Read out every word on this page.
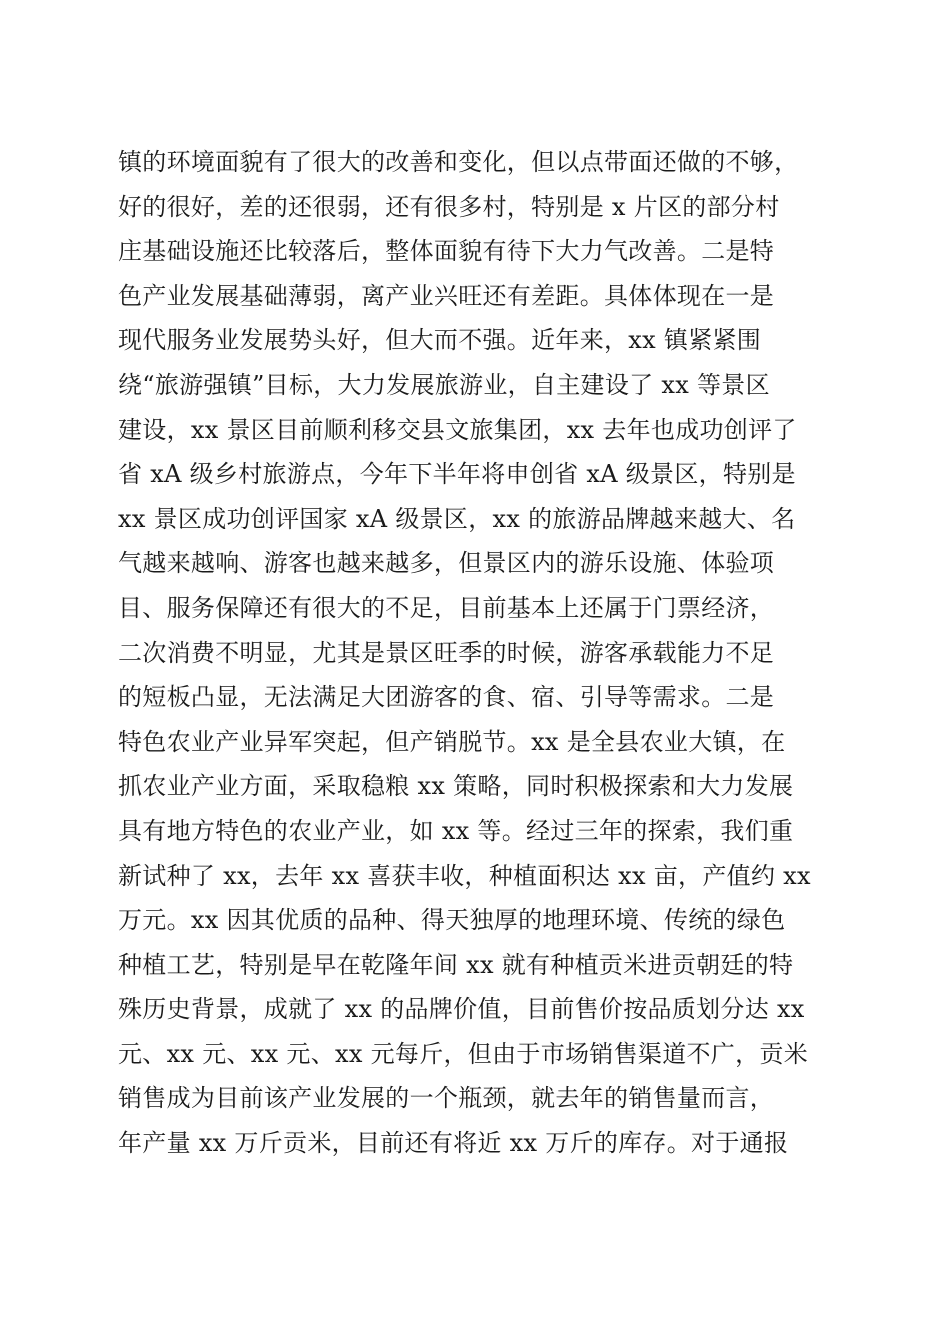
镇的环境面貌有了很大的改善和变化，但以点带面还做的不够，
好的很好，差的还很弱，还有很多村，特别是 x 片区的部分村
庄基础设施还比较落后，整体面貌有待下大力气改善。二是特
色产业发展基础薄弱，离产业兴旺还有差距。具体体现在一是
现代服务业发展势头好，但大而不强。近年来，xx 镇紧紧围
绕“旅游强镇”目标，大力发展旅游业，自主建设了 xx 等景区
建设，xx 景区目前顺利移交县文旅集团，xx 去年也成功创评了
省 xA 级乡村旅游点，今年下半年将申创省 xA 级景区，特别是
xx 景区成功创评国家 xA 级景区，xx 的旅游品牌越来越大、名
气越来越响、游客也越来越多，但景区内的游乐设施、体验项
目、服务保障还有很大的不足，目前基本上还属于门票经济，
二次消费不明显，尤其是景区旺季的时候，游客承载能力不足
的短板凸显，无法满足大团游客的食、宿、引导等需求。二是
特色农业产业异军突起，但产销脱节。xx 是全县农业大镇，在
抓农业产业方面，采取稳粮 xx 策略，同时积极探索和大力发展
具有地方特色的农业产业，如 xx 等。经过三年的探索，我们重
新试种了 xx，去年 xx 喜获丰收，种植面积达 xx 亩，产值约 xx
万元。xx 因其优质的品种、得天独厚的地理环境、传统的绿色
种植工艺，特别是早在乾隆年间 xx 就有种植贡米进贡朝廷的特
殊历史背景，成就了 xx 的品牌价值，目前售价按品质划分达 xx
元、xx 元、xx 元、xx 元每斤，但由于市场销售渠道不广，贡米
销售成为目前该产业发展的一个瓶颈，就去年的销售量而言，
年产量 xx 万斤贡米，目前还有将近 xx 万斤的库存。对于通报
